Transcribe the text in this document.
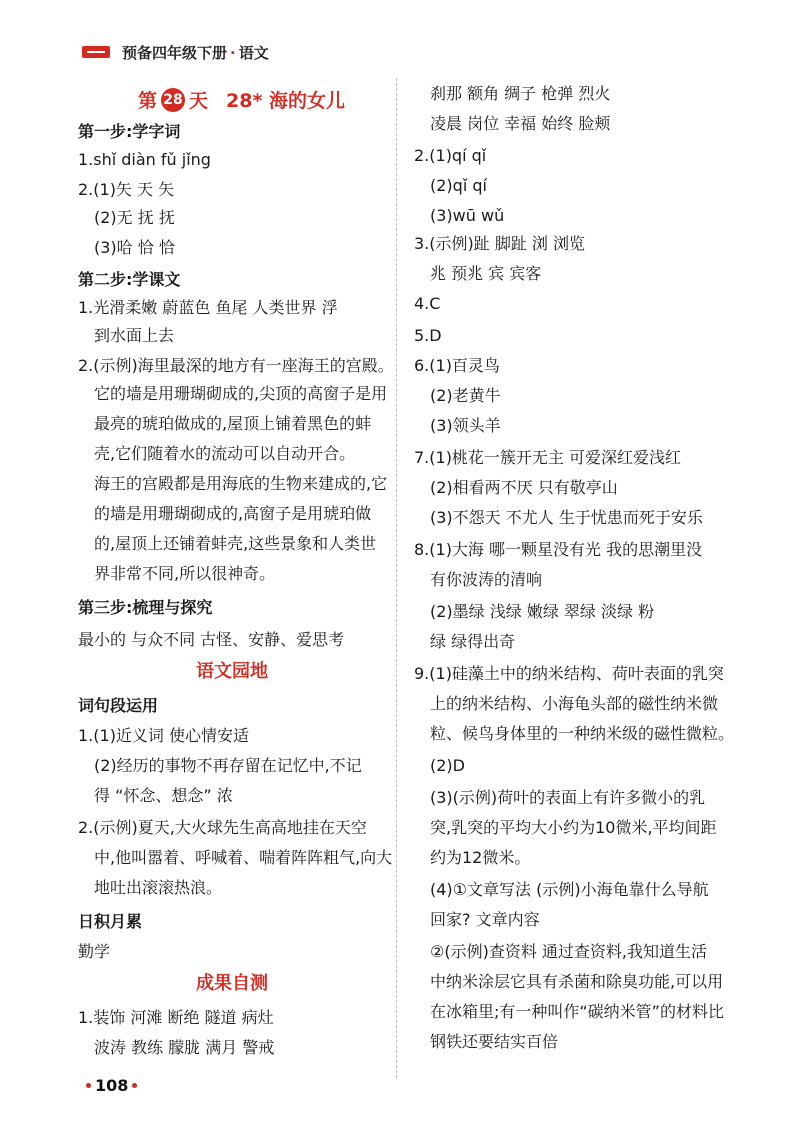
预备四年级下册 · 语文
第 28 天 28* 海的女儿
第一步:学字词
1.shǐ diàn fǔ jǐng
2.(1)矢 天 矢
(2)无 抚 抚
(3)哈 恰 恰
第二步:学课文
1.光滑柔嫩 蔚蓝色 鱼尾 人类世界 浮
到水面上去
2.(示例)海里最深的地方有一座海王的宫殿。
它的墙是用珊瑚砌成的,尖顶的高窗子是用
最亮的琥珀做成的,屋顶上铺着黑色的蚌
壳,它们随着水的流动可以自动开合。
海王的宫殿都是用海底的生物来建成的,它
的墙是用珊瑚砌成的,高窗子是用琥珀做
的,屋顶上还铺着蚌壳,这些景象和人类世
界非常不同,所以很神奇。
第三步:梳理与探究
最小的 与众不同 古怪、安静、爱思考
语文园地
词句段运用
1.(1)近义词 使心情安适
(2)经历的事物不再存留在记忆中,不记
得 “怀念、想念” 浓
2.(示例)夏天,大火球先生高高地挂在天空
中,他叫嚣着、呼喊着、喘着阵阵粗气,向大
地吐出滚滚热浪。
日积月累
勤学
成果自测
1.装饰 河滩 断绝 隧道 病灶
波涛 教练 朦胧 满月 警戒
刹那 额角 绸子 枪弹 烈火
凌晨 岗位 幸福 始终 脸颊
2.(1)qí qǐ
(2)qǐ qí
(3)wū wǔ
3.(示例)趾 脚趾 浏 浏览
兆 预兆 宾 宾客
4.C
5.D
6.(1)百灵鸟
(2)老黄牛
(3)领头羊
7.(1)桃花一簇开无主 可爱深红爱浅红
(2)相看两不厌 只有敬亭山
(3)不怨天 不尤人 生于忧患而死于安乐
8.(1)大海 哪一颗星没有光 我的思潮里没
有你波涛的清响
(2)墨绿 浅绿 嫩绿 翠绿 淡绿 粉
绿 绿得出奇
9.(1)硅藻土中的纳米结构、荷叶表面的乳突
上的纳米结构、小海龟头部的磁性纳米微
粒、候鸟身体里的一种纳米级的磁性微粒。
(2)D
(3)(示例)荷叶的表面上有许多微小的乳
突,乳突的平均大小约为10微米,平均间距
约为12微米。
(4)①文章写法 (示例)小海龟靠什么导航
回家? 文章内容
②(示例)查资料 通过查资料,我知道生活
中纳米涂层它具有杀菌和除臭功能,可以用
在冰箱里;有一种叫作“碳纳米管”的材料比
钢铁还要结实百倍
108
